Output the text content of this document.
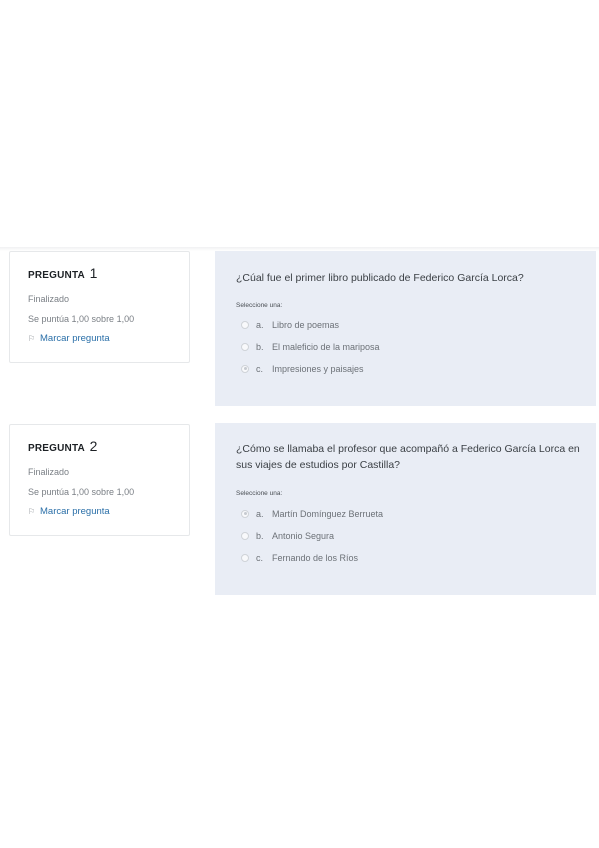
PREGUNTA 1
Finalizado
Se puntúa 1,00 sobre 1,00
⚐ Marcar pregunta
¿Cúal fue el primer libro publicado de Federico García Lorca?
Seleccione una:
a. Libro de poemas
b. El maleficio de la mariposa
c. Impresiones y paisajes
PREGUNTA 2
Finalizado
Se puntúa 1,00 sobre 1,00
⚐ Marcar pregunta
¿Cómo se llamaba el profesor que acompañó a Federico García Lorca en sus viajes de estudios por Castilla?
Seleccione una:
a. Martín Domínguez Berrueta
b. Antonio Segura
c. Fernando de los Ríos
